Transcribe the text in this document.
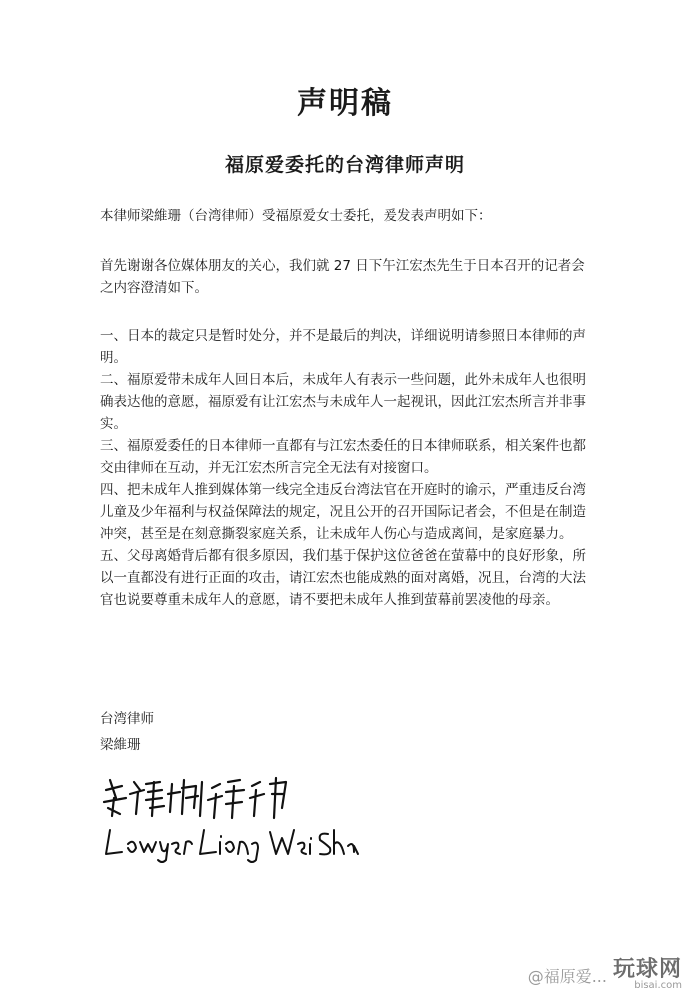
声明稿
福原爱委托的台湾律师声明

本律师梁維珊（台湾律师）受福原爱女士委托，爰发表声明如下：

首先谢谢各位媒体朋友的关心，我们就 27 日下午江宏杰先生于日本召开的记者会之内容澄清如下。

一、日本的裁定只是暂时处分，并不是最后的判决，详细说明请参照日本律师的声明。

二、福原爱带未成年人回日本后，未成年人有表示一些问题，此外未成年人也很明确表达他的意愿，福原爱有让江宏杰与未成年人一起视讯，因此江宏杰所言并非事实。

三、福原爱委任的日本律师一直都有与江宏杰委任的日本律师联系，相关案件也都交由律师在互动，并无江宏杰所言完全无法有对接窗口。

四、把未成年人推到媒体第一线完全违反台湾法官在开庭时的谕示，严重违反台湾儿童及少年福利与权益保障法的规定，况且公开的召开国际记者会，不但是在制造冲突，甚至是在刻意撕裂家庭关系，让未成年人伤心与造成离间，是家庭暴力。

五、父母离婚背后都有很多原因，我们基于保护这位爸爸在萤幕中的良好形象，所以一直都没有进行正面的攻击，请江宏杰也能成熟的面对离婚，况且，台湾的大法官也说要尊重未成年人的意愿，请不要把未成年人推到萤幕前罢凌他的母亲。

台湾律师
梁維珊
@福原爱... 玩球网
bisai.com
